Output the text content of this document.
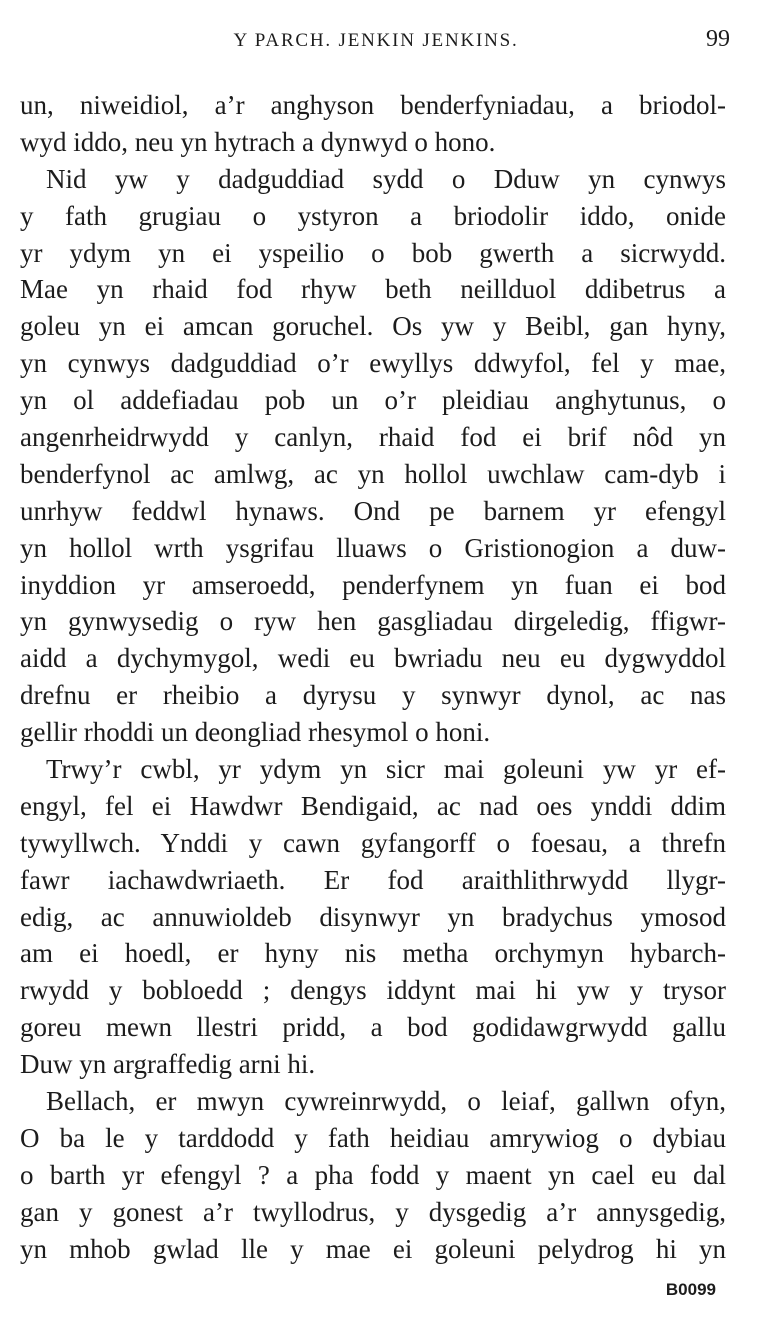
Y PARCH. JENKIN JENKINS.	99
un, niweidiol, a’r anghyson benderfyniadau, a briodol-
wyd iddo, neu yn hytrach a dynwyd o hono.
Nid yw y dadguddiad sydd o Dduw yn cynwys
y fath grugiau o ystyron a briodolir iddo, onide
yr ydym yn ei yspeilio o bob gwerth a sicrwydd.
Mae yn rhaid fod rhyw beth neillduol ddibetrus a
goleu yn ei amcan goruchel. Os yw y Beibl, gan hyny,
yn cynwys dadguddiad o’r ewyllys ddwyfol, fel y mae,
yn ol addefiadau pob un o’r pleidiau anghytunus, o
angenrheidrwydd y canlyn, rhaid fod ei brif nôd yn
benderfynol ac amlwg, ac yn hollol uwchlaw cam-dyb i
unrhyw feddwl hynaws. Ond pe barnem yr efengyl
yn hollol wrth ysgrifau lluaws o Gristionogion a duw-
inyddion yr amseroedd, penderfynem yn fuan ei bod
yn gynwysedig o ryw hen gasgliadau dirgeledig, ffigwr-
aidd a dychymygol, wedi eu bwriadu neu eu dygwyddol
drefnu er rheibio a dyrysu y synwyr dynol, ac nas
gellir rhoddi un deongliad rhesymol o honi.
Trwy’r cwbl, yr ydym yn sicr mai goleuni yw yr ef-
engyl, fel ei Hawdwr Bendigaid, ac nad oes ynddi ddim
tywyllwch. Ynddi y cawn gyfangorff o foesau, a threfn
fawr iachawdwriaeth. Er fod araithlithrwydd llygr-
edig, ac annuwioldeb disynwyr yn bradychus ymosod
am ei hoedl, er hyny nis metha orchymyn hybarch-
rwydd y bobloedd ; dengys iddynt mai hi yw y trysor
goreu mewn llestri pridd, a bod godidawgrwydd gallu
Duw yn argraffedig arni hi.
Bellach, er mwyn cywreinrwydd, o leiaf, gallwn ofyn,
O ba le y tarddodd y fath heidiau amrywiog o dybiau
o barth yr efengyl ? a pha fodd y maent yn cael eu dal
gan y gonest a’r twyllodrus, y dysgedig a’r annysgedig,
yn mhob gwlad lle y mae ei goleuni pelydrog hi yn
B0099
